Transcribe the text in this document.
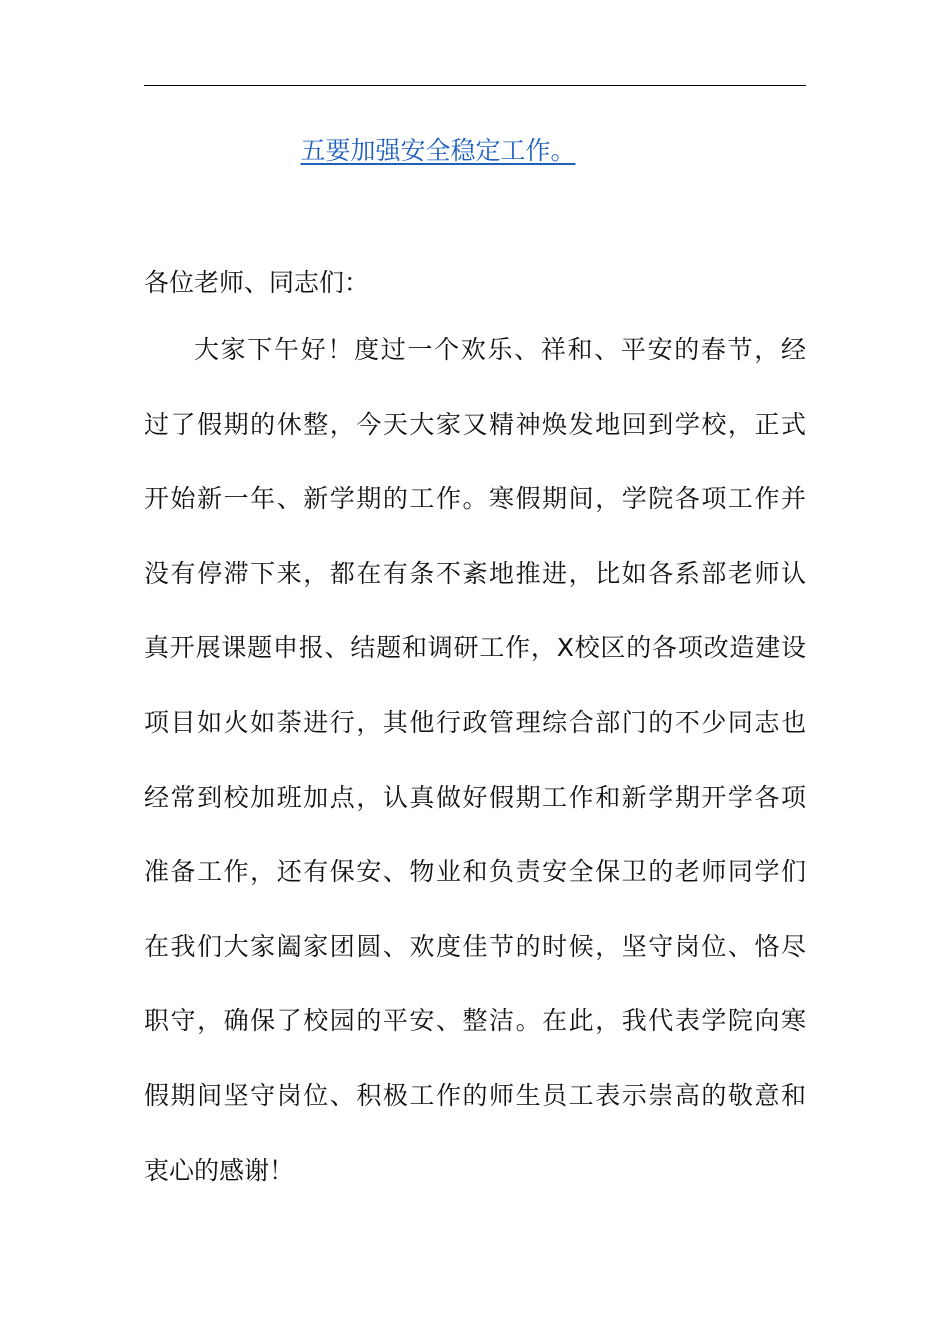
五要加强安全稳定工作。
各位老师、同志们：
大家下午好！度过一个欢乐、祥和、平安的春节，经
过了假期的休整，今天大家又精神焕发地回到学校，正式
开始新一年、新学期的工作。寒假期间，学院各项工作并
没有停滞下来，都在有条不紊地推进，比如各系部老师认
真开展课题申报、结题和调研工作，X校区的各项改造建设
项目如火如荼进行，其他行政管理综合部门的不少同志也
经常到校加班加点，认真做好假期工作和新学期开学各项
准备工作，还有保安、物业和负责安全保卫的老师同学们
在我们大家阖家团圆、欢度佳节的时候，坚守岗位、恪尽
职守，确保了校园的平安、整洁。在此，我代表学院向寒
假期间坚守岗位、积极工作的师生员工表示崇高的敬意和
衷心的感谢！
